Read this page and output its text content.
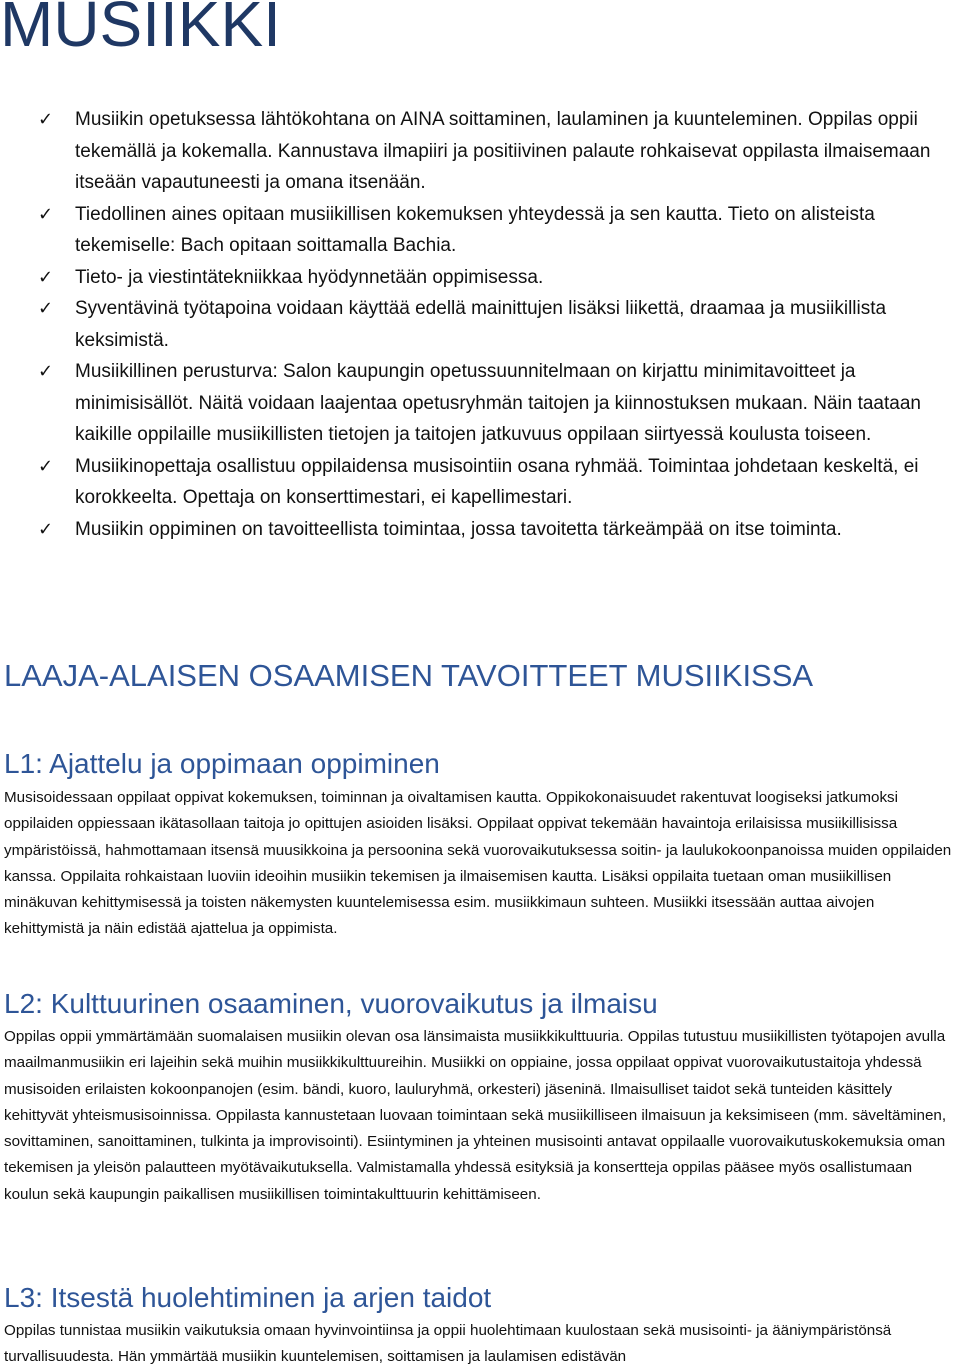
MUSIIKKI
✓ Musiikin opetuksessa lähtökohtana on AINA soittaminen, laulaminen ja kuunteleminen. Oppilas oppii tekemällä ja kokemalla. Kannustava ilmapiiri ja positiivinen palaute rohkaisevat oppilasta ilmaisemaan itseään vapautuneesti ja omana itsenään.
✓ Tiedollinen aines opitaan musiikillisen kokemuksen yhteydessä ja sen kautta. Tieto on alisteista tekemiselle: Bach opitaan soittamalla Bachia.
✓ Tieto- ja viestintätekniikkaa hyödynnetään oppimisessa.
✓ Syventävinä työtapoina voidaan käyttää edellä mainittujen lisäksi liikettä, draamaa ja musiikillista keksimistä.
✓ Musiikillinen perusturva: Salon kaupungin opetussuunnitelmaan on kirjattu minimitavoitteet ja minimisisällöt. Näitä voidaan laajentaa opetusryhmän taitojen ja kiinnostuksen mukaan. Näin taataan kaikille oppilaille musiikillisten tietojen ja taitojen jatkuvuus oppilaan siirtyessä koulusta toiseen.
✓ Musiikinopettaja osallistuu oppilaidensa musisointiin osana ryhmää. Toimintaa johdetaan keskeltä, ei korokkeelta. Opettaja on konserttimestari, ei kapellimestari.
✓ Musiikin oppiminen on tavoitteellista toimintaa, jossa tavoitetta tärkeämpää on itse toiminta.
LAAJA-ALAISEN OSAAMISEN TAVOITTEET MUSIIKISSA
L1: Ajattelu ja oppimaan oppiminen

Musisoidessaan oppilaat oppivat kokemuksen, toiminnan ja oivaltamisen kautta. Oppikokonaisuudet rakentuvat loogiseksi jatkumoksi oppilaiden oppiessaan ikätasollaan taitoja jo opittujen asioiden lisäksi. Oppilaat oppivat tekemään havaintoja erilaisissa musiikillisissa ympäristöissä, hahmottamaan itsensä muusikkoina ja persoonina sekä vuorovaikutuksessa soitin- ja laulukokoonpanoissa muiden oppilaiden kanssa. Oppilaita rohkaistaan luoviin ideoihin musiikin tekemisen ja ilmaisemisen kautta. Lisäksi oppilaita tuetaan oman musiikillisen minäkuvan kehittymisessä ja toisten näkemysten kuuntelemisessa esim. musiikkimaun suhteen. Musiikki itsessään auttaa aivojen kehittymistä ja näin edistää ajattelua ja oppimista.

L2: Kulttuurinen osaaminen, vuorovaikutus ja ilmaisu

Oppilas oppii ymmärtämään suomalaisen musiikin olevan osa länsimaista musiikkikulttuuria. Oppilas tutustuu musiikillisten työtapojen avulla maailmanmusiikin eri lajeihin sekä muihin musiikkikulttuureihin. Musiikki on oppiaine, jossa oppilaat oppivat vuorovaikutustaitoja yhdessä musisoiden erilaisten kokoonpanojen (esim. bändi, kuoro, lauluryhmä, orkesteri) jäseninä. Ilmaisulliset taidot sekä tunteiden käsittely kehittyvät yhteismusisoinnissa. Oppilasta kannustetaan luovaan toimintaan sekä musiikilliseen ilmaisuun ja keksimiseen (mm. säveltäminen, sovittaminen, sanoittaminen, tulkinta ja improvisointi). Esiintyminen ja yhteinen musisointi antavat oppilaalle vuorovaikutuskokemuksia oman tekemisen ja yleisön palautteen myötävaikutuksella. Valmistamalla yhdessä esityksiä ja konsertteja oppilas pääsee myös osallistumaan koulun sekä kaupungin paikallisen musiikillisen toimintakulttuurin kehittämiseen.

L3: Itsestä huolehtiminen ja arjen taidot

Oppilas tunnistaa musiikin vaikutuksia omaan hyvinvointiinsa ja oppii huolehtimaan kuulostaan sekä musisointi- ja ääniympäristönsä turvallisuudesta. Hän ymmärtää musiikin kuuntelemisen, soittamisen ja laulamisen edistävän
